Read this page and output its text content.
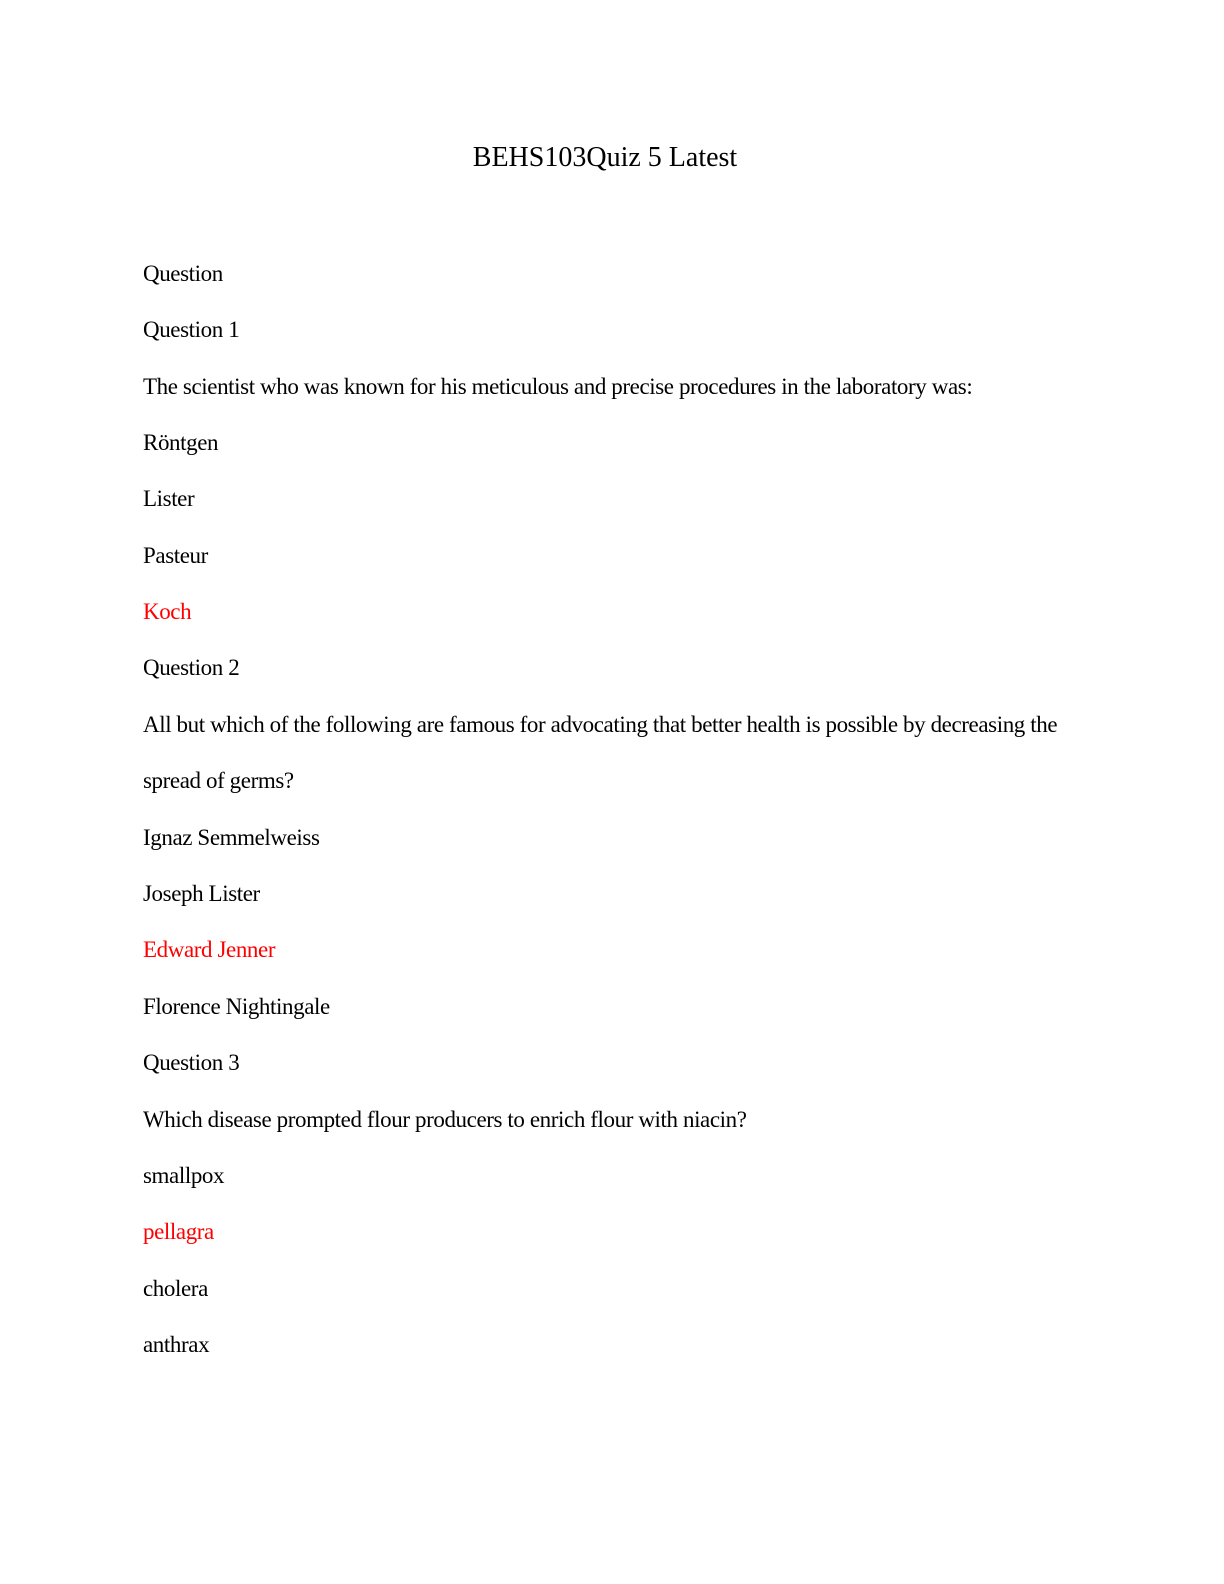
BEHS103Quiz 5 Latest
Question
Question 1
The scientist who was known for his meticulous and precise procedures in the laboratory was:
Röntgen
Lister
Pasteur
Koch
Question 2
All but which of the following are famous for advocating that better health is possible by decreasing the spread of germs?
Ignaz Semmelweiss
Joseph Lister
Edward Jenner
Florence Nightingale
Question 3
Which disease prompted flour producers to enrich flour with niacin?
smallpox
pellagra
cholera
anthrax
